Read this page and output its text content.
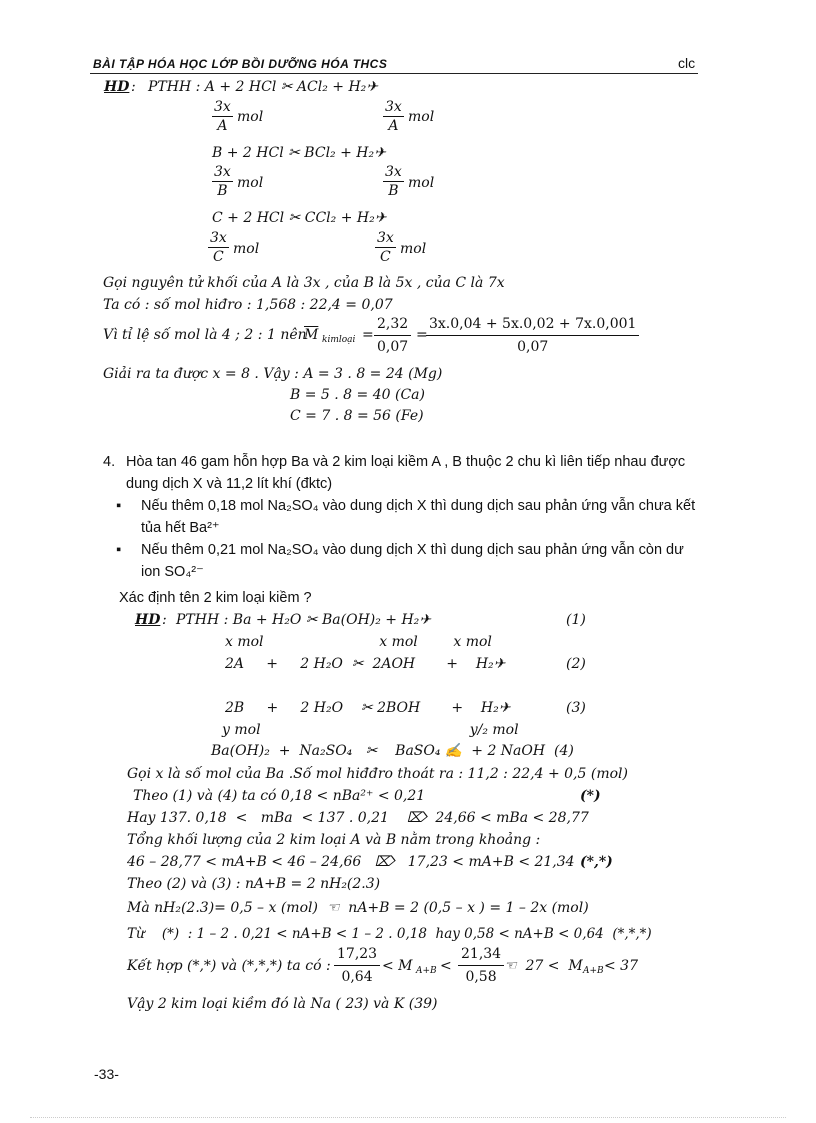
BÀI TẬP HÓA HỌC LỚP BỒI DƯỠNG HÓA THCS	clc
HD : PTHH : A + 2 HCl ✂ ACl₂ + H₂✈
$\frac{3x}{A}$ mol	$\frac{3x}{A}$ mol
B + 2 HCl ✂ BCl₂ + H₂✈
$\frac{3x}{B}$ mol	$\frac{3x}{B}$ mol
C + 2 HCl ✂ CCl₂ + H₂✈
$\frac{3x}{C}$ mol	$\frac{3x}{C}$ mol
Gọi nguyên tử khối của A là 3x , của B là 5x , của C là 7x
Ta có : số mol hiđro : 1,568 : 22,4 = 0,07
Vì tỉ lệ số mol là 4 ; 2 : 1 nên
$\overline{M}$ kimloại =
2,32
0,07
=
3x.0,04 + 5x.0,02 + 7x.0,001
0,07
Giải ra ta được x = 8 . Vậy : A = 3 . 8 = 24 (Mg)
B = 5 . 8 = 40 (Ca)
C = 7 . 8 = 56 (Fe)
4. Hòa tan 46 gam hỗn hợp Ba và 2 kim loại kiềm A , B thuộc 2 chu kì liên tiếp nhau được
dung dịch X và 11,2 lít khí (đktc)
▪ Nếu thêm 0,18 mol Na₂SO₄ vào dung dịch X thì dung dịch sau phản ứng vẫn chưa kết
tủa hết Ba²⁺
▪ Nếu thêm 0,21 mol Na₂SO₄ vào dung dịch X thì dung dịch sau phản ứng vẫn còn dư
ion SO₄²⁻
Xác định tên 2 kim loại kiềm ?
HD : PTHH : Ba + H₂O ✂ Ba(OH)₂ + H₂✈	(1)
x mol                          x mol        x mol
2A     +     2 H₂O  ✂  2AOH       +    H₂✈	(2)
2B     +     2 H₂O    ✂ 2BOH       +    H₂✈	(3)
y mol                                               y/₂ mol
Ba(OH)₂  +  Na₂SO₄   ✂    BaSO₄ ✍  + 2 NaOH  (4)
Gọi x là số mol của Ba .Số mol hiđđro thoát ra : 11,2 : 22,4 + 0,5 (mol)
Theo (1) và (4) ta có 0,18 < nBa²⁺ < 0,21	(*)
Hay 137. 0,18  <   mBa  < 137 . 0,21    ⌦  24,66 < mBa < 28,77
Tổng khối lượng của 2 kim loại A và B nằm trong khoảng :
46 – 28,77 < mA+B < 46 – 24,66   ⌦   17,23 < mA+B < 21,34 (*,*)
Theo (2) và (3) : nA+B = 2 nH₂(2.3)
Mà nH₂(2.3)= 0,5 – x (mol)  ☜  nA+B = 2 (0,5 – x ) = 1 – 2x (mol)
Từ    (*)  : 1 – 2 . 0,21 < nA+B < 1 – 2 . 0,18  hay 0,58 < nA+B < 0,64  (*,*,*)
Kết hợp (*,*) và (*,*,*) ta có :
17,23
0,64
< M A+B <
21,34
0,58
☜  27 <  M A+B < 37
Vậy 2 kim loại kiềm đó là Na ( 23) và K (39)
-33-
